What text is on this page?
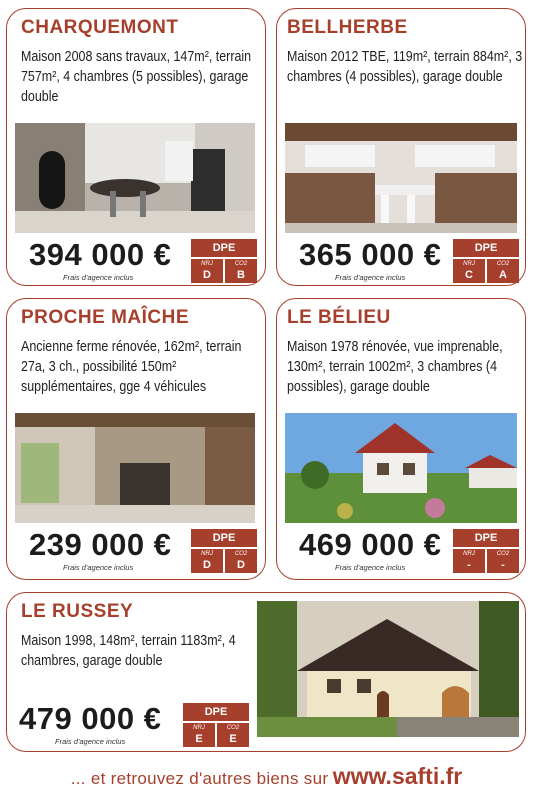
CHARQUEMONT
Maison 2008 sans travaux, 147m², terrain 757m², 4 chambres (5 possibles), garage double
394 000 €
Frais d'agence inclus
DPE
NRJ
D
CO2
B
BELLHERBE
Maison 2012 TBE, 119m², terrain 884m², 3 chambres (4 possibles), garage double
365 000 €
Frais d'agence inclus
DPE
NRJ
C
CO2
A
PROCHE MAÎCHE
Ancienne ferme rénovée, 162m², terrain 27a, 3 ch., possibilité 150m² supplémentaires, gge 4 véhicules
239 000 €
Frais d'agence inclus
DPE
NRJ
D
CO2
D
LE BÉLIEU
Maison 1978 rénovée, vue imprenable, 130m², terrain 1002m², 3 chambres (4 possibles), garage double
469 000 €
Frais d'agence inclus
DPE
NRJ
-
CO2
-
LE RUSSEY
Maison 1998, 148m², terrain 1183m², 4 chambres, garage double
479 000 €
Frais d'agence inclus
DPE
NRJ
E
CO2
E
... et retrouvez d'autres biens sur www.safti.fr
